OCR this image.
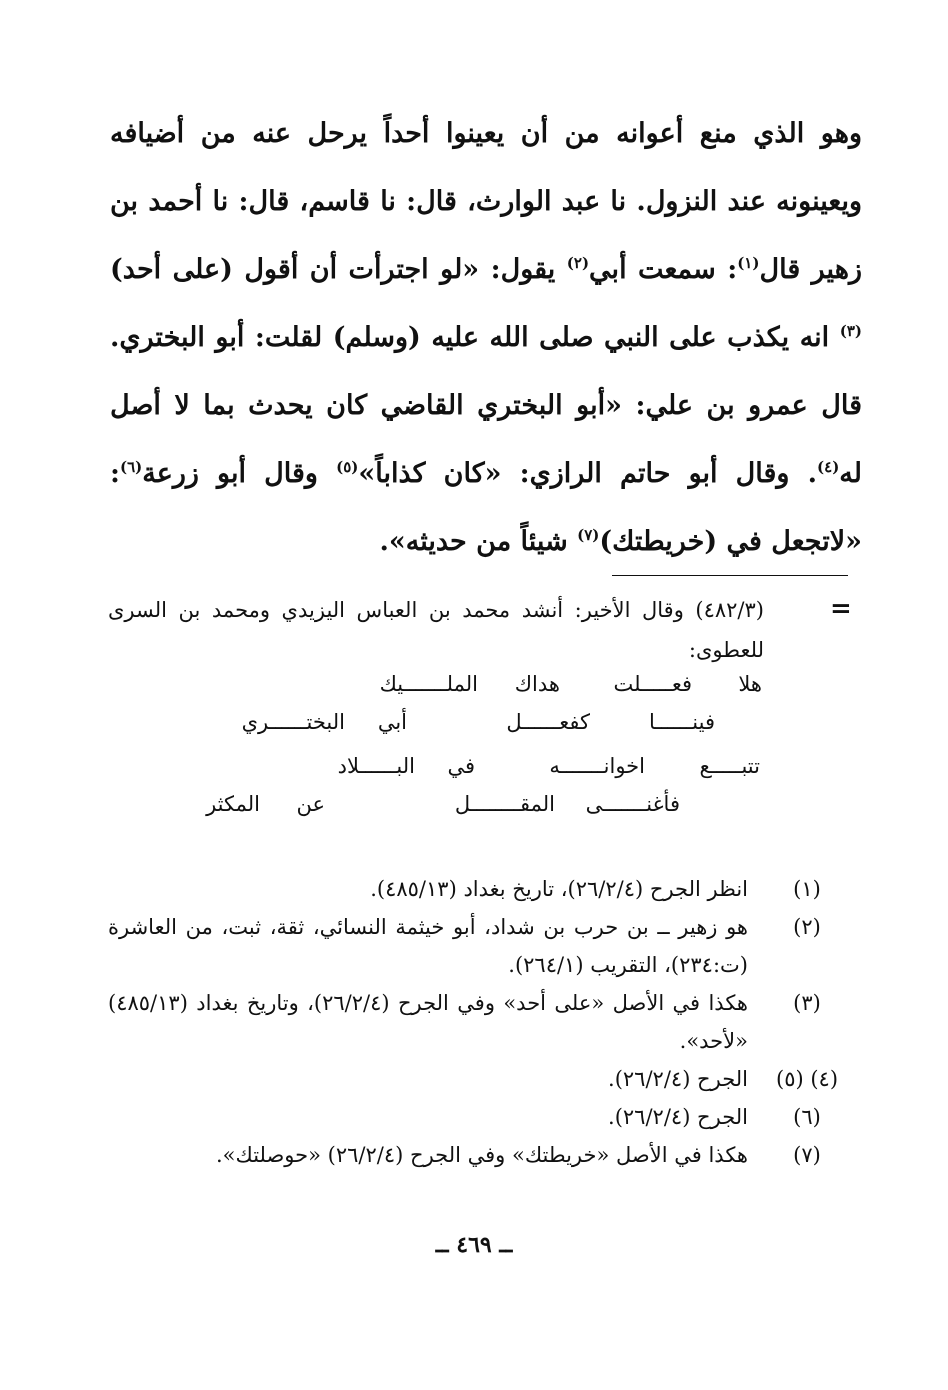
وهو الذي منع أعوانه من أن يعينوا أحداً يرحل عنه من أضيافه ويعينونه عند النزول. نا عبد الوارث، قال: نا قاسم، قال: نا أحمد بن زهير قال$^{(١)}$: سمعت أبي$^{(٢)}$ يقول: «لو اجترأت أن أقول (على أحد)$^{(٣)}$ انه يكذب على النبي صلى الله عليه (وسلم) لقلت: أبو البختري. قال عمرو بن علي: «أبو البختري القاضي كان يحدث بما لا أصل له$^{(٤)}$. وقال أبو حاتم الرازي: «كان كذاباً»$^{(٥)}$ وقال أبو زرعة$^{(٦)}$: «لاتجعل في (خريطتك)$^{(٧)}$ شيئاً من حديثه».

=

(٤٨٢/٣) وقال الأخير: أنشد محمد بن العباس اليزيدي ومحمد بن السرى للعطوى:

هلا
فعـــــلت
هداك
الملـــــــيك
فينــــــا
كفعــــــل
أبي
البختــــــري
تتبـــــع
اخوانـــــــه
في
البــــــلاد
فأغنـــــــى
المقــــــــل
عن
المكثر
(١)
انظر الجرح (٢٦/٢/٤)، تاريخ بغداد (٤٨٥/١٣).
(٢)
هو زهير ــ بن حرب بن شداد، أبو خيثمة النسائي، ثقة، ثبت، من العاشرة (ت:٢٣٤)، التقريب (٢٦٤/١).
(٣)
هكذا في الأصل «على أحد» وفي الجرح (٢٦/٢/٤)، وتاريخ بغداد (٤٨٥/١٣) «لأحد».
(٤) (٥)
الجرح (٢٦/٢/٤).
(٦)
الجرح (٢٦/٢/٤).
(٧)
هكذا في الأصل «خريطتك» وفي الجرح (٢٦/٢/٤) «حوصلتك».
ــ ٤٦٩ ــ
